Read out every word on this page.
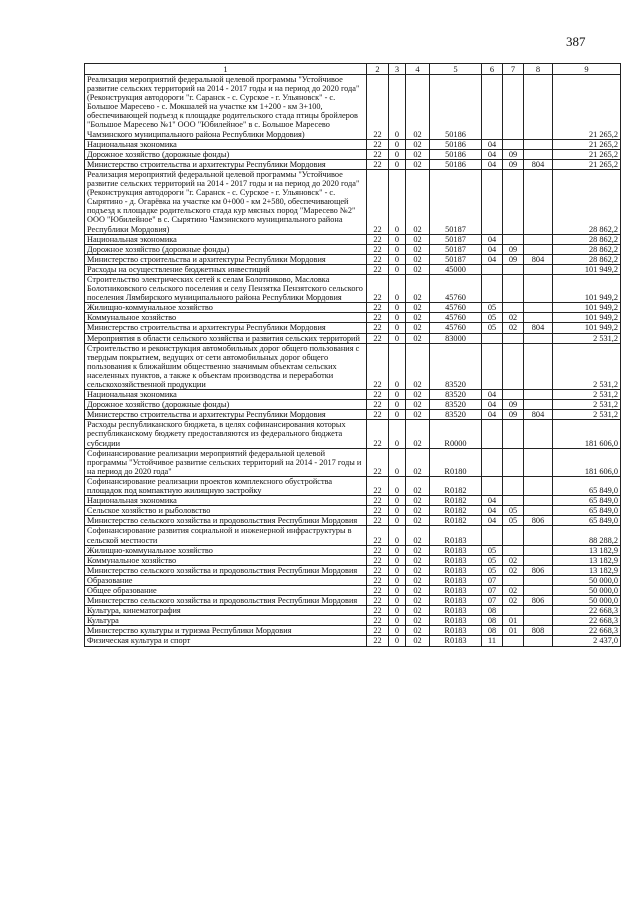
387
1	2	3	4	5	6	7	8	9
Реализация мероприятий федеральной целевой программы "Устойчивое развитие сельских территорий на 2014 - 2017 годы и на период до 2020 года" (Реконструкция автодороги "г. Саранск - с. Сурское - г. Ульяновск" - с. Большое Маресево - с. Мокшалей на участке км 1+200 - км 3+100, обеспечивающей подъезд к площадке родительского стада птицы бройлеров "Большое Маресево №1" ООО "Юбилейное" в с. Большое Маресево Чамзинского муниципального района Республики Мордовия)	22	0	02	50186				21 265,2
Национальная экономика	22	0	02	50186	04			21 265,2
Дорожное хозяйство (дорожные фонды)	22	0	02	50186	04	09		21 265,2
Министерство строительства и архитектуры Республики Мордовия	22	0	02	50186	04	09	804	21 265,2
Реализация мероприятий федеральной целевой программы "Устойчивое развитие сельских территорий на 2014 - 2017 годы и на период до 2020 года" (Реконструкция автодороги "г. Саранск - с. Сурское - г. Ульяновск" - с. Сырятино - д. Огарёвка на участке км 0+000 - км 2+580, обеспечивающей подъезд к площадке родительского стада кур мясных пород "Маресево №2" ООО "Юбилейное" в с. Сырятино Чамзинского муниципального района Республики Мордовия)	22	0	02	50187				28 862,2
Национальная экономика	22	0	02	50187	04			28 862,2
Дорожное хозяйство (дорожные фонды)	22	0	02	50187	04	09		28 862,2
Министерство строительства и архитектуры Республики Мордовия	22	0	02	50187	04	09	804	28 862,2
Расходы на осуществление бюджетных инвестиций	22	0	02	45000				101 949,2
Строительство электрических сетей к селам Болотниково, Масловка Болотниковского сельского поселения и селу Пензятка Пензятского сельского поселения Лямбирского муниципального района Республики Мордовия	22	0	02	45760				101 949,2
Жилищно-коммунальное хозяйство	22	0	02	45760	05			101 949,2
Коммунальное хозяйство	22	0	02	45760	05	02		101 949,2
Министерство строительства и архитектуры Республики Мордовия	22	0	02	45760	05	02	804	101 949,2
Мероприятия в области сельского хозяйства и развития сельских территорий	22	0	02	83000				2 531,2
Строительство и реконструкция автомобильных дорог общего пользования с твердым покрытием, ведущих от сети автомобильных дорог общего пользования к ближайшим общественно значимым объектам сельских населенных пунктов, а также к объектам производства и переработки сельскохозяйственной продукции	22	0	02	83520				2 531,2
Национальная экономика	22	0	02	83520	04			2 531,2
Дорожное хозяйство (дорожные фонды)	22	0	02	83520	04	09		2 531,2
Министерство строительства и архитектуры Республики Мордовия	22	0	02	83520	04	09	804	2 531,2
Расходы республиканского бюджета, в целях софинансирования которых республиканскому бюджету предоставляются из федерального бюджета субсидии	22	0	02	R0000				181 606,0
Софинансирование реализации мероприятий федеральной целевой программы "Устойчивое развитие сельских территорий на 2014 - 2017 годы и на период до 2020 года"	22	0	02	R0180				181 606,0
Софинансирование реализации проектов комплексного обустройства площадок под компактную жилищную застройку	22	0	02	R0182				65 849,0
Национальная экономика	22	0	02	R0182	04			65 849,0
Сельское хозяйство и рыболовство	22	0	02	R0182	04	05		65 849,0
Министерство сельского хозяйства и продовольствия Республики Мордовия	22	0	02	R0182	04	05	806	65 849,0
Софинансирование развития социальной и инженерной инфраструктуры в сельской местности	22	0	02	R0183				88 288,2
Жилищно-коммунальное хозяйство	22	0	02	R0183	05			13 182,9
Коммунальное хозяйство	22	0	02	R0183	05	02		13 182,9
Министерство сельского хозяйства и продовольствия Республики Мордовия	22	0	02	R0183	05	02	806	13 182,9
Образование	22	0	02	R0183	07			50 000,0
Общее образование	22	0	02	R0183	07	02		50 000,0
Министерство сельского хозяйства и продовольствия Республики Мордовия	22	0	02	R0183	07	02	806	50 000,0
Культура, кинематография	22	0	02	R0183	08			22 668,3
Культура	22	0	02	R0183	08	01		22 668,3
Министерство культуры и туризма Республики Мордовия	22	0	02	R0183	08	01	808	22 668,3
Физическая культура и спорт	22	0	02	R0183	11			2 437,0
